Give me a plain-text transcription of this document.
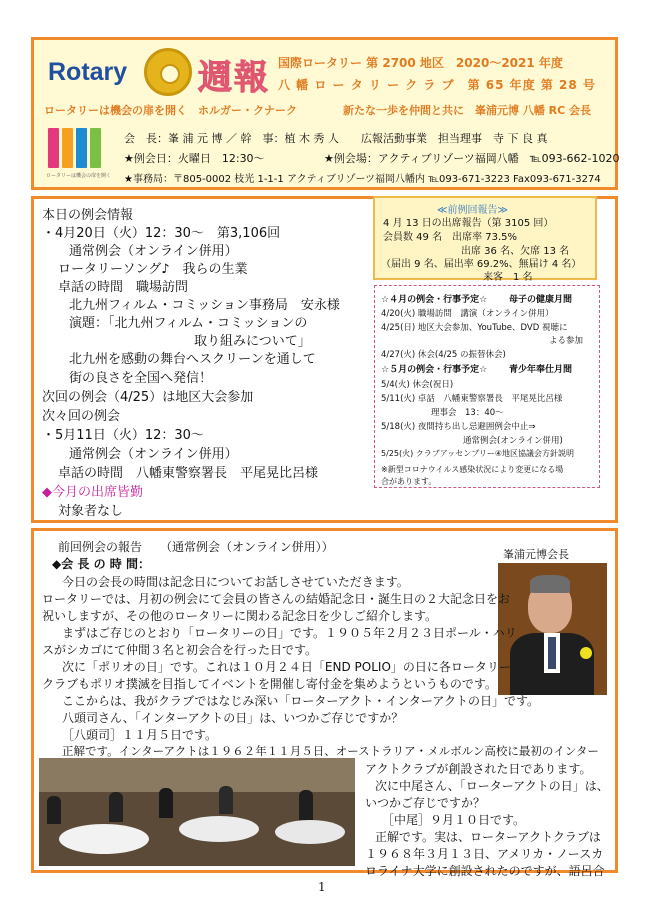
Rotary 週報 国際ロータリー 第 2700 地区　2020～2021 年度
八 幡 ロ ー タ リ ー ク ラ ブ　第 65 年度 第 28 号
ロータリーは機会の扉を開く　ホルガー・クナーク	新たな一歩を仲間と共に　峯浦元博 八幡 RC 会長
ロータリーは機会の扉を開く
会　長：峯 浦 元 博 ／ 幹　事：植 木 秀 人　　広報活動事業　担当理事　寺 下 良 真
★例会日：火曜日　12:30～	★例会場：アクティブリゾーツ福岡八幡　℡093-662-1020
★事務局：〒805-0002 枝光 1-1-1 アクティブリゾーツ福岡八幡内 ℡093-671-3223 Fax093-671-3274
本日の例会情報
・4月20日（火）12：30～　第3,106回
通常例会（オンライン併用）
ロータリーソング♪　我らの生業
卓話の時間　職場訪問
北九州フィルム・コミッション事務局　安永様
演題：「北九州フィルム・コミッションの
取り組みについて」
北九州を感動の舞台へスクリーンを通して
街の良さを全国へ発信！
次回の例会（4/25）は地区大会参加
次々回の例会
・5月11日（火）12：30～
通常例会（オンライン併用）
卓話の時間　八幡東警察署長　平尾晃比呂様
◆今月の出席皆勤
対象者なし
≪前例回報告≫
4 月 13 日の出席報告（第 3105 回）
会員数 49 名　出席率 73.5%
出席 36 名、欠席 13 名
（届出 9 名、届出率 69.2%、無届け 4 名）
来客　1 名
☆４月の例会・行事予定☆ 母子の健康月間
4/20(火) 職場訪問　講演（オンライン併用）
4/25(日) 地区大会参加、YouTube、DVD 視聴に
よる参加
4/27(火) 休会(4/25 の振替休会)
☆５月の例会・行事予定☆ 青少年奉仕月間
5/4(火) 休会(祝日)
5/11(火) 卓話　八幡東警察署長　平尾晃比呂様
理事会　13：40～
5/18(火) 夜間持ち出し忌避囲例会中止⇒
通常例会(オンライン併用)
5/25(火) クラブアッセンブリー④地区協議会方針説明
※新型コロナウイルス感染状況により変更になる場
合があります。
前回例会の報告　　（通常例会（オンライン併用））
◆会 長 の 時 間：
峯浦元博会長
今日の会長の時間は記念日についてお話しさせていただきます。
ロータリーでは、月初の例会にて会員の皆さんの結婚記念日・誕生日の２大記念日をお
祝いしますが、その他のロータリーに関わる記念日を少しご紹介します。
まずはご存じのとおり「ロータリーの日」です。１９０５年２月２３日ポール・ハリ
スがシカゴにて仲間３名と初会合を行った日です。
次に「ポリオの日」です。これは１０月２４日「END POLIO」の日に各ロータリー
クラブもポリオ撲滅を目指してイベントを開催し寄付金を集めようというものです。
ここからは、我がクラブではなじみ深い「ローターアクト・インターアクトの日」です。
八頭司さん、「インターアクトの日」は、いつかご存じですか？
［八頭司］１１月５日です。
正解です。インターアクトは１９６２年１１月５日、オーストラリア・メルボルン高校に最初のインター
アクトクラブが創設された日であります。
次に中尾さん、「ローターアクトの日」は、
いつかご存じですか？
［中尾］９月１０日です。
正解です。実は、ローターアクトクラブは
１９６８年３月１３日、アメリカ・ノースカ
ロライナ大学に創設されたのですが、語呂合
1
